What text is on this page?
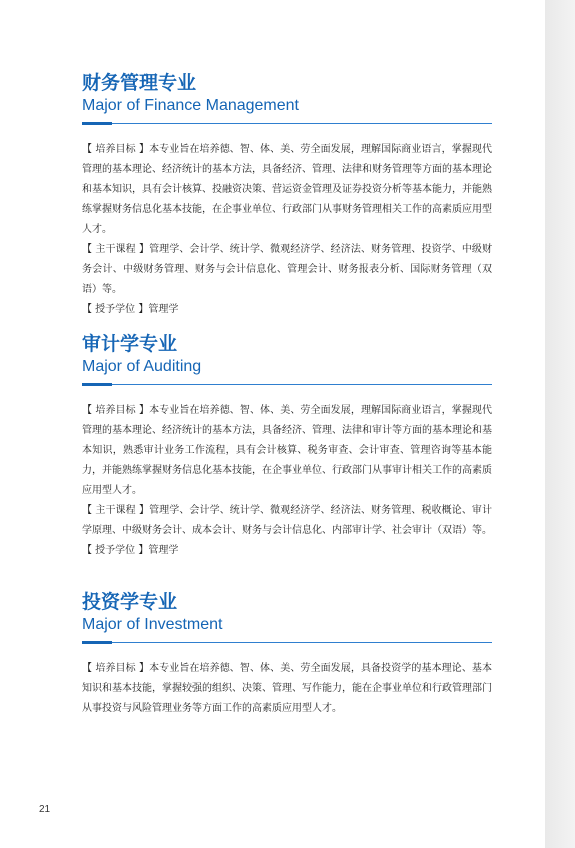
财务管理专业
Major of Finance Management

【 培养目标 】本专业旨在培养德、智、体、美、劳全面发展，理解国际商业语言，掌握现代管理的基本理论、经济统计的基本方法，具备经济、管理、法律和财务管理等方面的基本理论和基本知识，具有会计核算、投融资决策、营运资金管理及证券投资分析等基本能力，并能熟练掌握财务信息化基本技能，在企事业单位、行政部门从事财务管理相关工作的高素质应用型人才。

【 主干课程 】管理学、会计学、统计学、微观经济学、经济法、财务管理、投资学、中级财务会计、中级财务管理、财务与会计信息化、管理会计、财务报表分析、国际财务管理（双语）等。

【 授予学位 】管理学

审计学专业
Major of Auditing

【 培养目标 】本专业旨在培养德、智、体、美、劳全面发展，理解国际商业语言，掌握现代管理的基本理论、经济统计的基本方法，具备经济、管理、法律和审计等方面的基本理论和基本知识，熟悉审计业务工作流程，具有会计核算、税务审查、会计审查、管理咨询等基本能力，并能熟练掌握财务信息化基本技能，在企事业单位、行政部门从事审计相关工作的高素质应用型人才。

【 主干课程 】管理学、会计学、统计学、微观经济学、经济法、财务管理、税收概论、审计学原理、中级财务会计、成本会计、财务与会计信息化、内部审计学、社会审计（双语）等。

【 授予学位 】管理学

投资学专业
Major of Investment

【 培养目标 】本专业旨在培养德、智、体、美、劳全面发展，具备投资学的基本理论、基本知识和基本技能，掌握较强的组织、决策、管理、写作能力，能在企事业单位和行政管理部门从事投资与风险管理业务等方面工作的高素质应用型人才。

21
